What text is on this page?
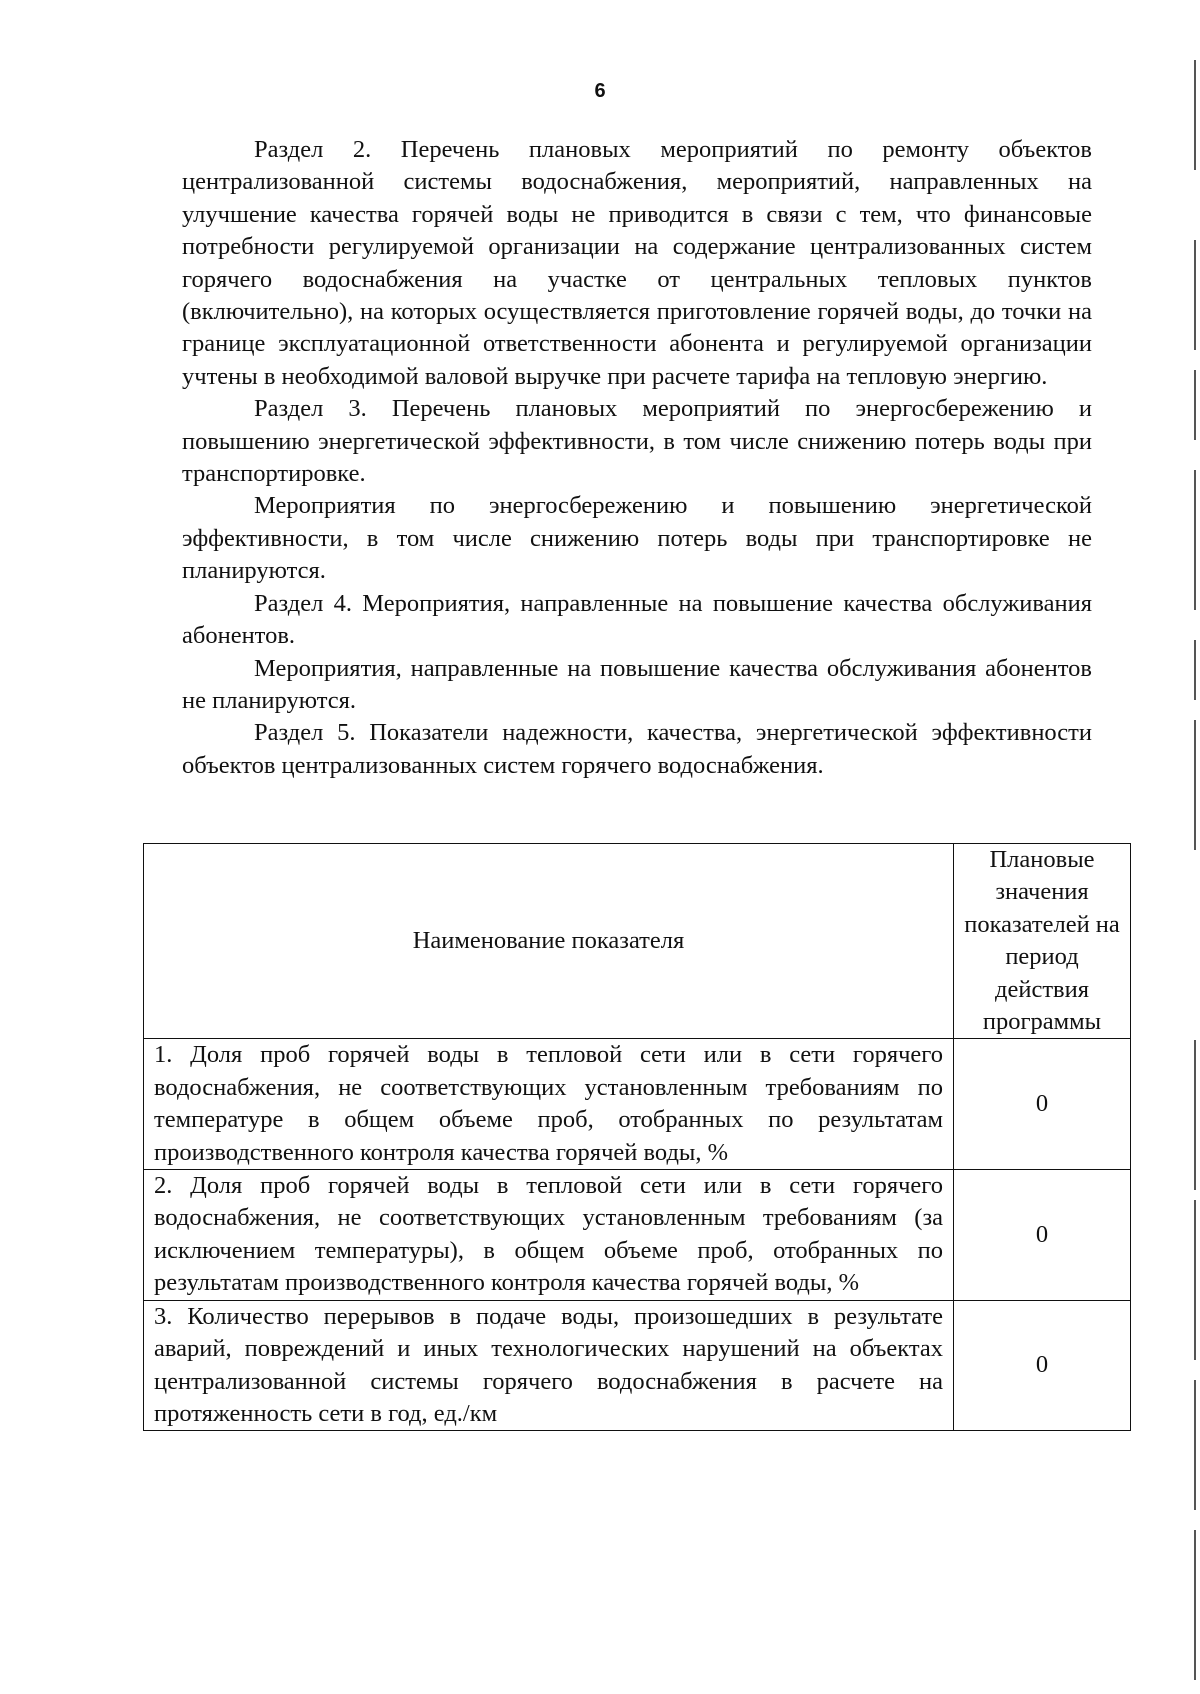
6

Раздел 2. Перечень плановых мероприятий по ремонту объектов централизованной системы водоснабжения, мероприятий, направленных на улучшение качества горячей воды не приводится в связи с тем, что финансовые потребности регулируемой организации на содержание централизованных систем горячего водоснабжения на участке от центральных тепловых пунктов (включительно), на которых осуществляется приготовление горячей воды, до точки на границе эксплуатационной ответственности абонента и регулируемой организации учтены в необходимой валовой выручке при расчете тарифа на тепловую энергию.

Раздел 3. Перечень плановых мероприятий по энергосбережению и повышению энергетической эффективности, в том числе снижению потерь воды при транспортировке.

Мероприятия по энергосбережению и повышению энергетической эффективности, в том числе снижению потерь воды при транспортировке не планируются.

Раздел 4. Мероприятия, направленные на повышение качества обслуживания абонентов.

Мероприятия, направленные на повышение качества обслуживания абонентов не планируются.

Раздел 5. Показатели надежности, качества, энергетической эффективности объектов централизованных систем горячего водоснабжения.

Наименование показателя	Плановые значения показателей на период действия программы
1. Доля проб горячей воды в тепловой сети или в сети горячего водоснабжения, не соответствующих установленным требованиям по температуре в общем объеме проб, отобранных по результатам производственного контроля качества горячей воды, %	0
2. Доля проб горячей воды в тепловой сети или в сети горячего водоснабжения, не соответствующих установленным требованиям (за исключением температуры), в общем объеме проб, отобранных по результатам производственного контроля качества горячей воды, %	0
3. Количество перерывов в подаче воды, произошедших в результате аварий, повреждений и иных технологических нарушений на объектах централизованной системы горячего водоснабжения в расчете на протяженность сети в год, ед./км	0
